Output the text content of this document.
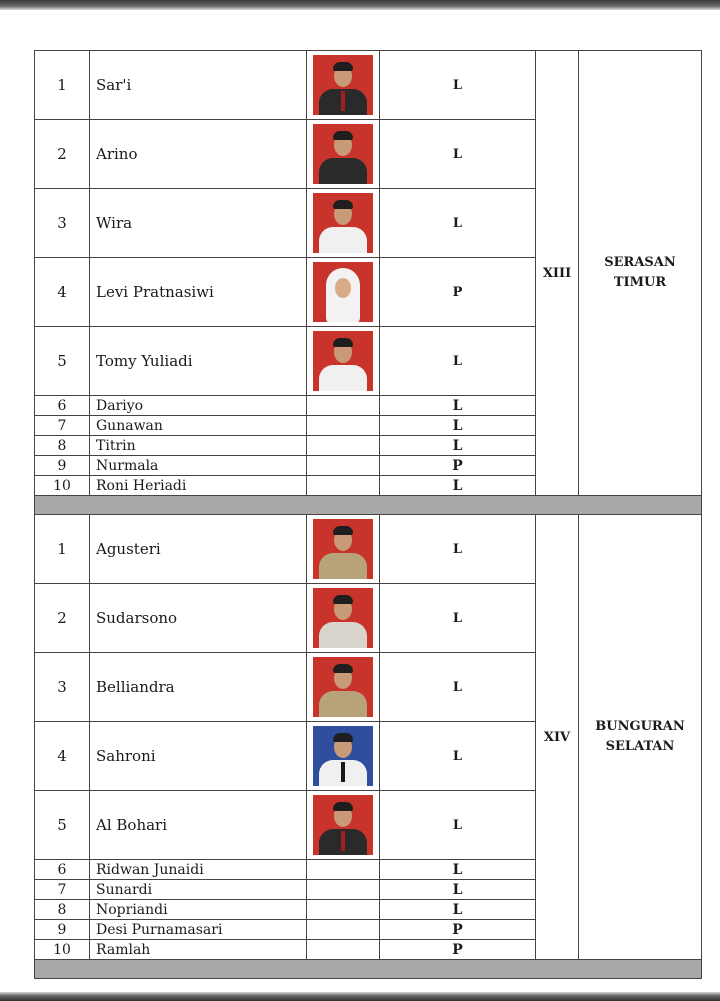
1	Sar'i		L	XIII	SERASAN
TIMUR

2	Arino		L		
3	Wira		L		
4	Levi Pratnasiwi		P		
5	Tomy Yuliadi		L		
6	Dariyo		L		
7	Gunawan		L		
8	Titrin		L		
9	Nurmala		P		
10	Roni Heriadi		L		

1	Agusteri		L	XIV	BUNGURAN
SELATAN

2	Sudarsono		L		
3	Belliandra		L		
4	Sahroni		L		
5	Al Bohari		L		
6	Ridwan Junaidi		L		
7	Sunardi		L		
8	Nopriandi		L		
9	Desi Purnamasari		P		
10	Ramlah		P		
